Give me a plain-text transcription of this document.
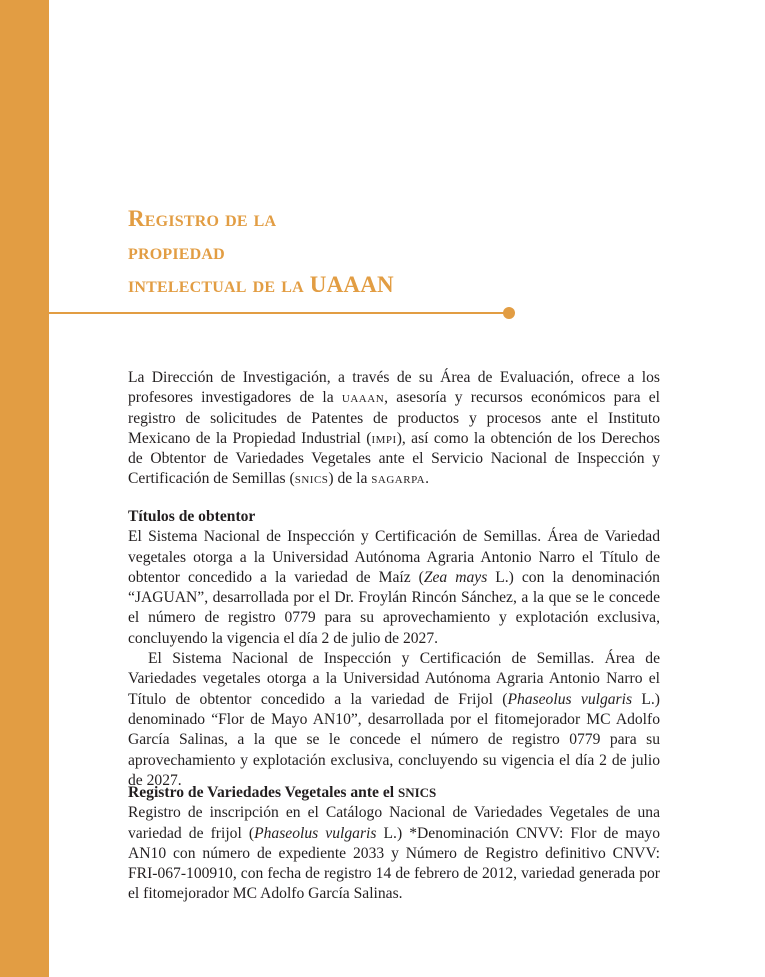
Registro de la
propiedad
intelectual de la UAAAN

La Dirección de Investigación, a través de su Área de Evaluación, ofrece a los profesores investigadores de la uaaan, asesoría y recursos económicos para el registro de solicitudes de Patentes de productos y procesos ante el Instituto Mexicano de la Propiedad Industrial (impi), así como la obtención de los Derechos de Obtentor de Variedades Vegetales ante el Servicio Nacional de Inspección y Certificación de Semillas (snics) de la sagarpa.

Títulos de obtentor

El Sistema Nacional de Inspección y Certificación de Semillas. Área de Variedad vegetales otorga a la Universidad Autónoma Agraria Antonio Narro el Título de obtentor concedido a la variedad de Maíz (Zea mays L.) con la denominación “JAGUAN”, desarrollada por el Dr. Froylán Rincón Sánchez, a la que se le concede el número de registro 0779 para su aprovechamiento y explotación exclusiva, concluyendo la vigencia el día 2 de julio de 2027.

El Sistema Nacional de Inspección y Certificación de Semillas. Área de Variedades vegetales otorga a la Universidad Autónoma Agraria Antonio Narro el Título de obtentor concedido a la variedad de Frijol (Phaseolus vulgaris L.) denominado “Flor de Mayo AN10”, desarrollada por el fitomejorador MC Adolfo García Salinas, a la que se le concede el número de registro 0779 para su aprovechamiento y explotación exclusiva, concluyendo su vigencia el día 2 de julio de 2027.

Registro de Variedades Vegetales ante el SNICS

Registro de inscripción en el Catálogo Nacional de Variedades Vegetales de una variedad de frijol (Phaseolus vulgaris L.) *Denominación CNVV: Flor de mayo AN10 con número de expediente 2033 y Número de Registro definitivo CNVV: FRI-067-100910, con fecha de registro 14 de febrero de 2012, variedad generada por el fitomejorador MC Adolfo García Salinas.
